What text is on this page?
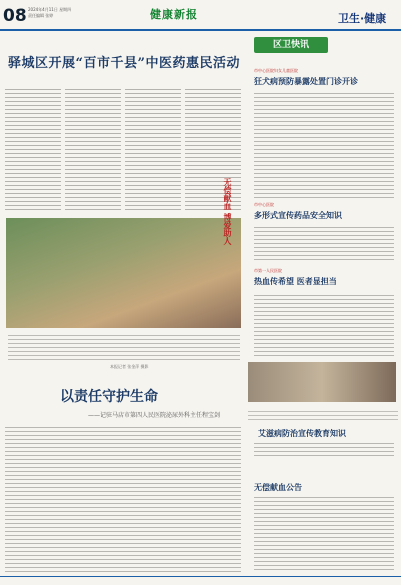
08 2024年4月11日 星期四
责任编辑 张婷	健康新报	卫生·健康
驿城区开展“百市千县”中医药惠民活动
无偿献血 博爱助人
本报记者 张金萍 摄影
以责任守护生命
——记驻马店市第四人民医院泌尿外科主任程宝剑
区卫快讯
市中心医院妇女儿童医院
狂犬病预防暴露处置门诊开诊
市中心医院
多形式宣传药品安全知识
市第一人民医院
热血传希望 医者显担当
艾滋病防治宣传教育知识
无偿献血公告
